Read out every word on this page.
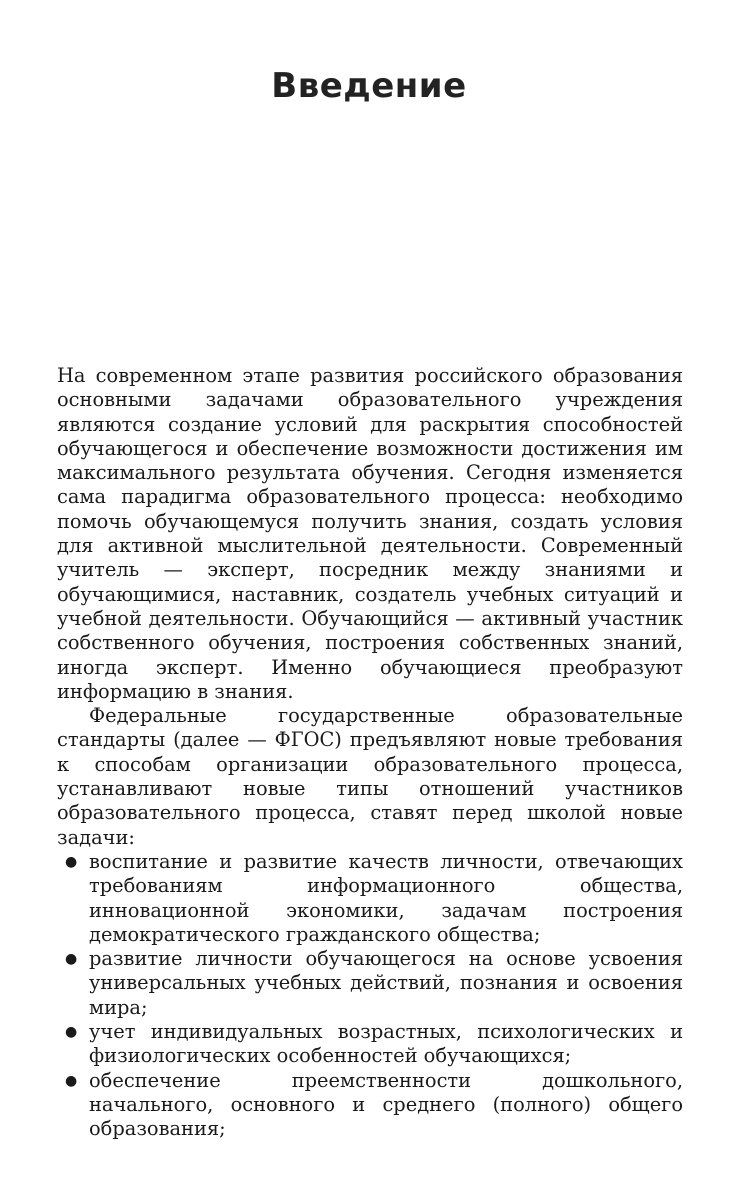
Введение

На современном этапе развития российского образования основными задачами образовательного учреждения являются создание условий для раскрытия способностей обучающегося и обеспечение возможности достижения им максимального результата обучения. Сегодня изменяется сама парадигма образовательного процесса: необходимо помочь обучающемуся получить знания, создать условия для активной мыслительной деятельности. Современный учитель — эксперт, посредник между знаниями и обучающимися, наставник, создатель учебных ситуаций и учебной деятельности. Обучающийся — активный участник собственного обучения, построения собственных знаний, иногда эксперт. Именно обучающиеся преобразуют информацию в знания.

Федеральные государственные образовательные стандарты (далее — ФГОС) предъявляют новые требования к способам организации образовательного процесса, устанавливают новые типы отношений участников образовательного процесса, ставят перед школой новые задачи:

● воспитание и развитие качеств личности, отвечающих требованиям информационного общества, инновационной экономики, задачам построения демократического гражданского общества;
● развитие личности обучающегося на основе усвоения универсальных учебных действий, познания и освоения мира;
● учет индивидуальных возрастных, психологических и физиологических особенностей обучающихся;
● обеспечение преемственности дошкольного, начального, основного и среднего (полного) общего образования;
